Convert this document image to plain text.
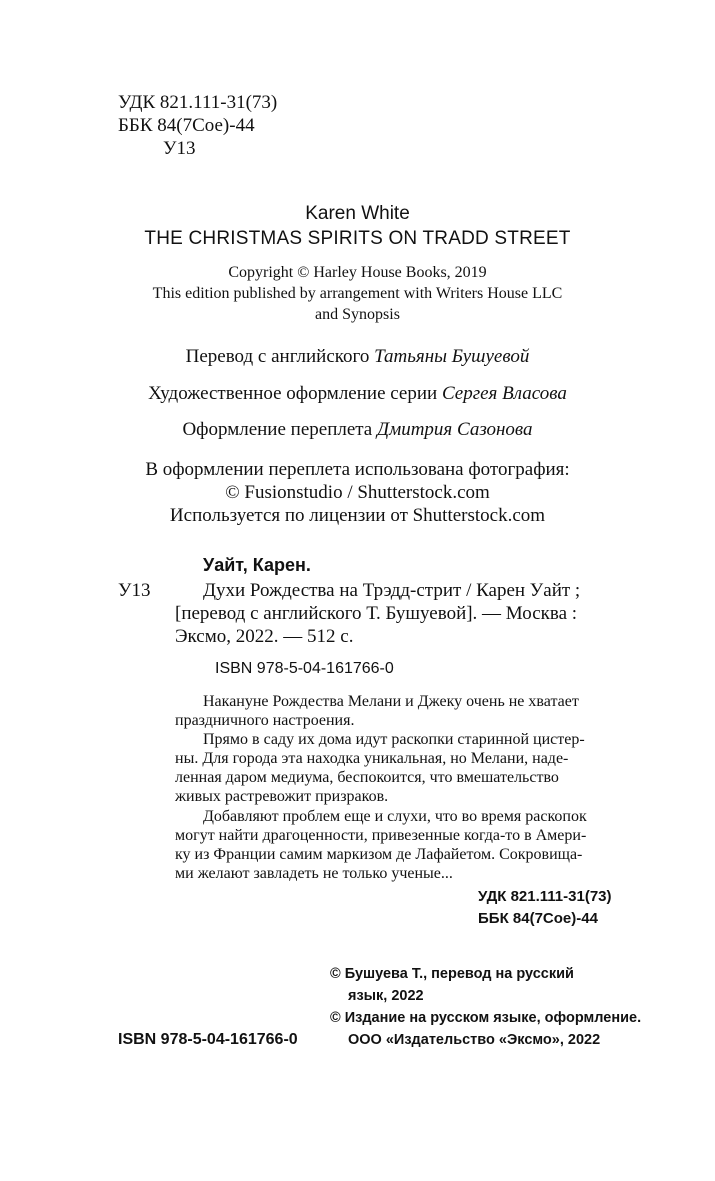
УДК 821.111-31(73)
ББК 84(7Сое)-44
У13
Karen White
THE CHRISTMAS SPIRITS ON TRADD STREET
Copyright © Harley House Books, 2019
This edition published by arrangement with Writers House LLC
and Synopsis
Перевод с английского Татьяны Бушуевой
Художественное оформление серии Сергея Власова
Оформление переплета Дмитрия Сазонова
В оформлении переплета использована фотография:
© Fusionstudio / Shutterstock.com
Используется по лицензии от Shutterstock.com
Уайт, Карен.
У13	Духи Рождества на Трэдд-стрит / Карен Уайт ;
[перевод с английского Т. Бушуевой]. — Москва :
Эксмо, 2022. — 512 с.
ISBN 978-5-04-161766-0
Накануне Рождества Мелани и Джеку очень не хватает
праздничного настроения.
Прямо в саду их дома идут раскопки старинной цистер-
ны. Для города эта находка уникальная, но Мелани, наде-
ленная даром медиума, беспокоится, что вмешательство
живых растревожит призраков.
Добавляют проблем еще и слухи, что во время раскопок
могут найти драгоценности, привезенные когда-то в Амери-
ку из Франции самим маркизом де Лафайетом. Сокровища-
ми желают завладеть не только ученые...
УДК 821.111-31(73)
ББК 84(7Сое)-44
© Бушуева Т., перевод на русский
язык, 2022
© Издание на русском языке, оформление.
ISBN 978-5-04-161766-0	ООО «Издательство «Эксмо», 2022
